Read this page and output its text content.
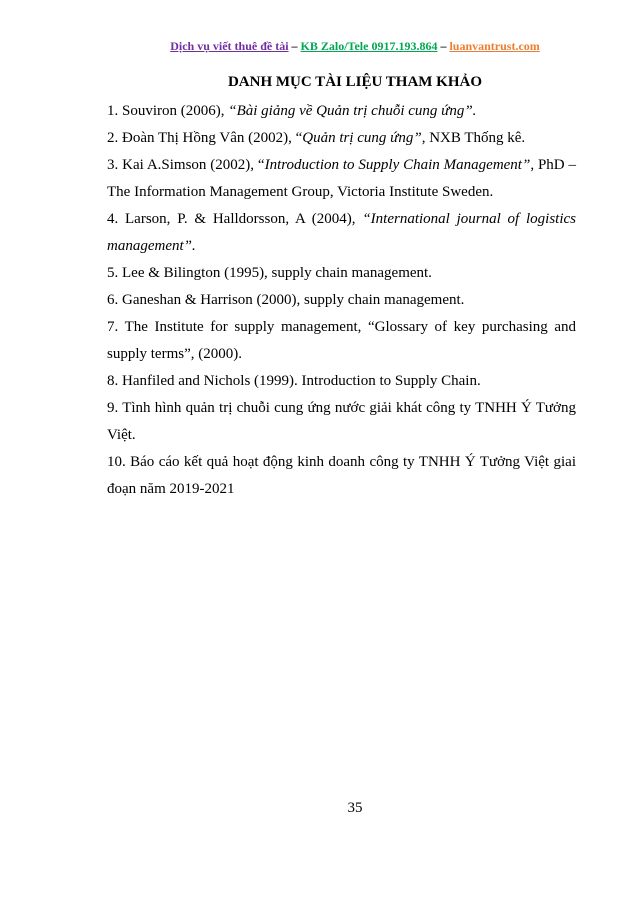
Dịch vụ viết thuê đề tài – KB Zalo/Tele 0917.193.864 – luanvantrust.com
DANH MỤC TÀI LIỆU THAM KHẢO

1. Souviron (2006), “Bài giảng về Quản trị chuỗi cung ứng”.

2. Đoàn Thị Hồng Vân (2002), “Quản trị cung ứng”, NXB Thống kê.

3. Kai A.Simson (2002), “Introduction to Supply Chain Management”, PhD – The Information Management Group, Victoria Institute Sweden.

4. Larson, P. & Halldorsson, A (2004), “International journal of logistics management”.

5. Lee & Bilington (1995), supply chain management.

6. Ganeshan & Harrison (2000), supply chain management.

7. The Institute for supply management, “Glossary of key purchasing and supply terms”, (2000).

8. Hanfiled and Nichols (1999). Introduction to Supply Chain.

9. Tình hình quản trị chuỗi cung ứng nước giải khát công ty TNHH Ý Tưởng Việt.

10. Báo cáo kết quả hoạt động kinh doanh công ty TNHH Ý Tưởng Việt giai đoạn năm 2019-2021

35
